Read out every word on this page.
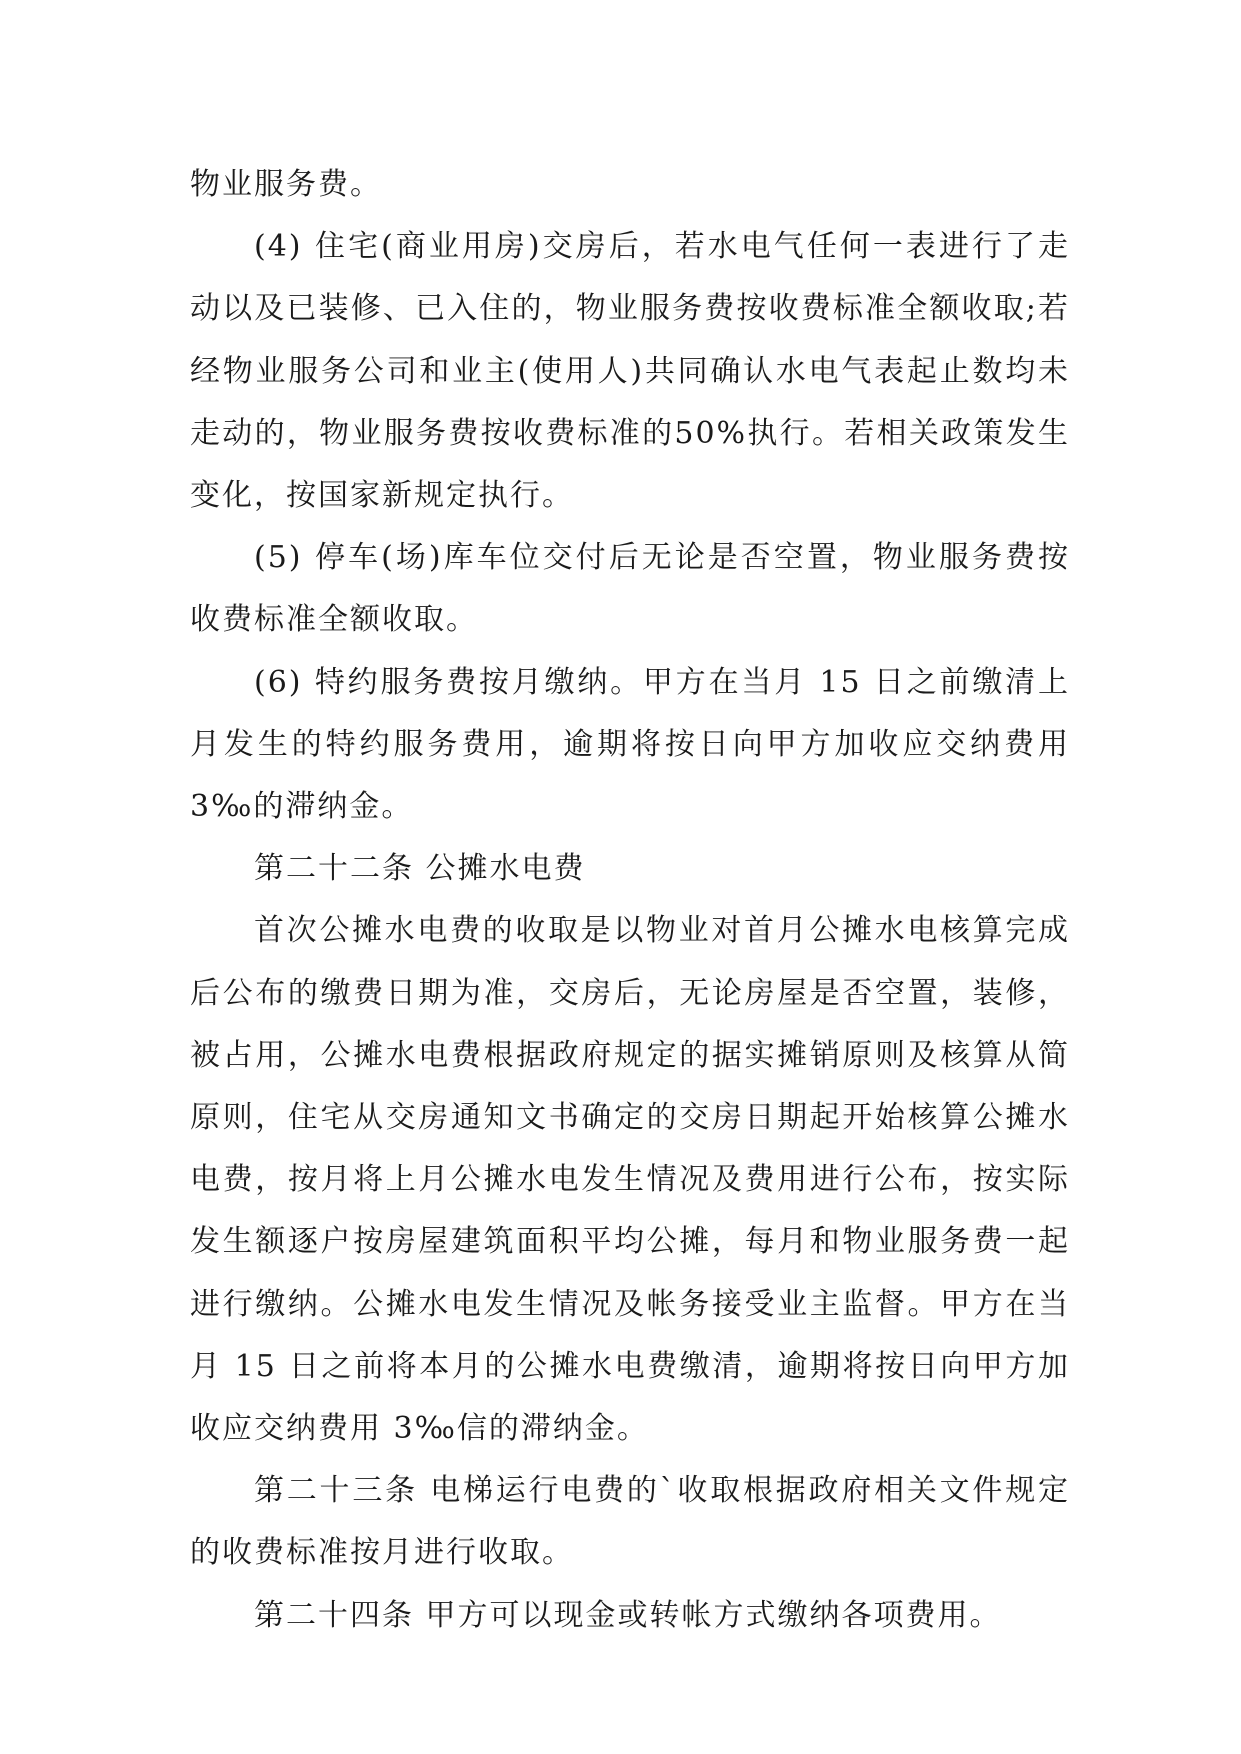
物业服务费。

(4) 住宅(商业用房)交房后，若水电气任何一表进行了走动以及已装修、已入住的，物业服务费按收费标准全额收取;若经物业服务公司和业主(使用人)共同确认水电气表起止数均未走动的，物业服务费按收费标准的50%执行。若相关政策发生变化，按国家新规定执行。

(5) 停车(场)库车位交付后无论是否空置，物业服务费按收费标准全额收取。

(6) 特约服务费按月缴纳。甲方在当月 15 日之前缴清上月发生的特约服务费用，逾期将按日向甲方加收应交纳费用 3‰的滞纳金。

第二十二条 公摊水电费

首次公摊水电费的收取是以物业对首月公摊水电核算完成后公布的缴费日期为准，交房后，无论房屋是否空置，装修，被占用，公摊水电费根据政府规定的据实摊销原则及核算从简原则，住宅从交房通知文书确定的交房日期起开始核算公摊水电费，按月将上月公摊水电发生情况及费用进行公布，按实际发生额逐户按房屋建筑面积平均公摊，每月和物业服务费一起进行缴纳。公摊水电发生情况及帐务接受业主监督。甲方在当月 15 日之前将本月的公摊水电费缴清，逾期将按日向甲方加收应交纳费用 3‰信的滞纳金。

第二十三条 电梯运行电费的`收取根据政府相关文件规定的收费标准按月进行收取。

第二十四条 甲方可以现金或转帐方式缴纳各项费用。
